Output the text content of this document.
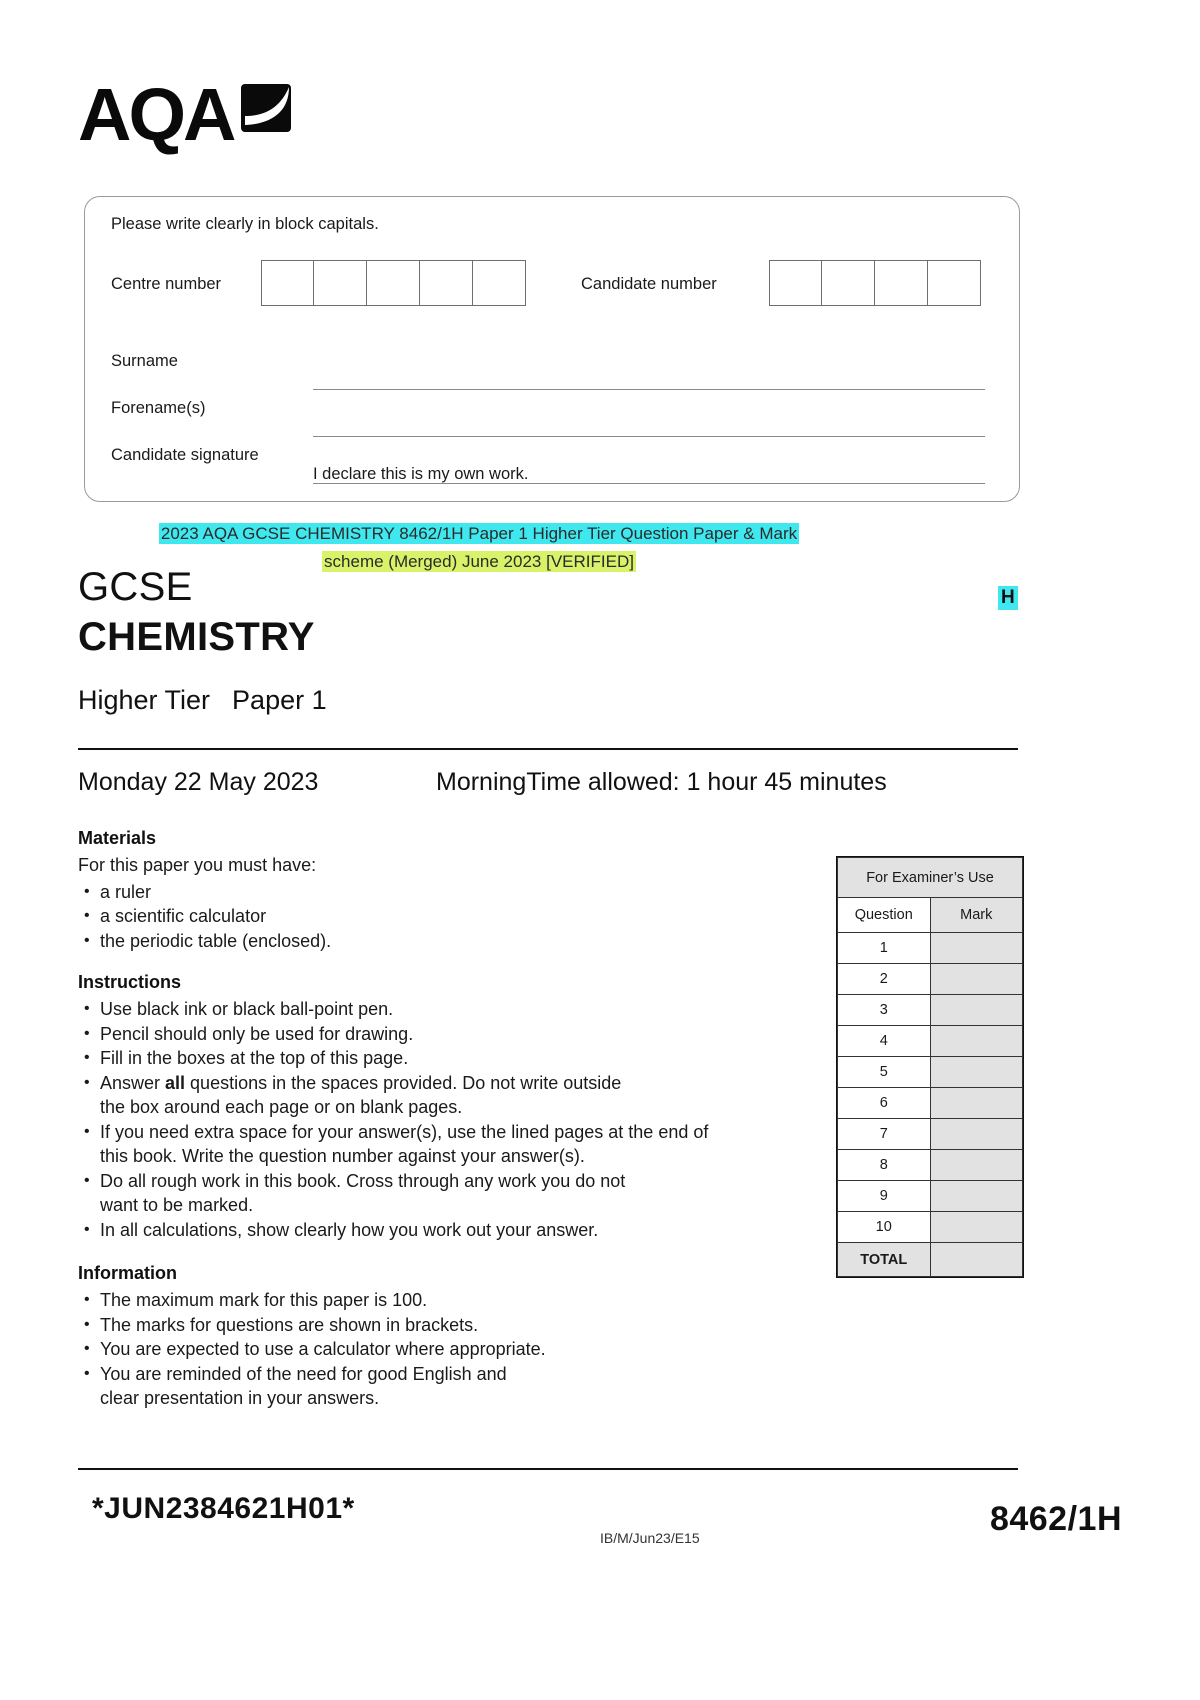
AQA
Please write clearly in block capitals.
Centre number	Candidate number
Surname
Forename(s)
Candidate signature
I declare this is my own work.
2023 AQA GCSE CHEMISTRY 8462/1H Paper 1 Higher Tier Question Paper & Mark
scheme (Merged) June 2023 [VERIFIED]
H
GCSE
CHEMISTRY
Higher Tier Paper 1
Monday 22 May 2023	MorningTime allowed: 1 hour 45 minutes
Materials

For this paper you must have:

• a ruler
• a scientific calculator
• the periodic table (enclosed).
Instructions
• Use black ink or black ball-point pen.
• Pencil should only be used for drawing.
• Fill in the boxes at the top of this page.
• Answer all questions in the spaces provided. Do not write outside
the box around each page or on blank pages.
• If you need extra space for your answer(s), use the lined pages at the end of
this book. Write the question number against your answer(s).
• Do all rough work in this book. Cross through any work you do not
want to be marked.
• In all calculations, show clearly how you work out your answer.
Information
• The maximum mark for this paper is 100.
• The marks for questions are shown in brackets.
• You are expected to use a calculator where appropriate.
• You are reminded of the need for good English and
clear presentation in your answers.
For Examiner’s Use	
Question	Mark
1	
2	
3	
4	
5	
6	
7	
8	
9	
10	
TOTAL	
*JUN2384621H01*
IB/M/Jun23/E15	8462/1H
